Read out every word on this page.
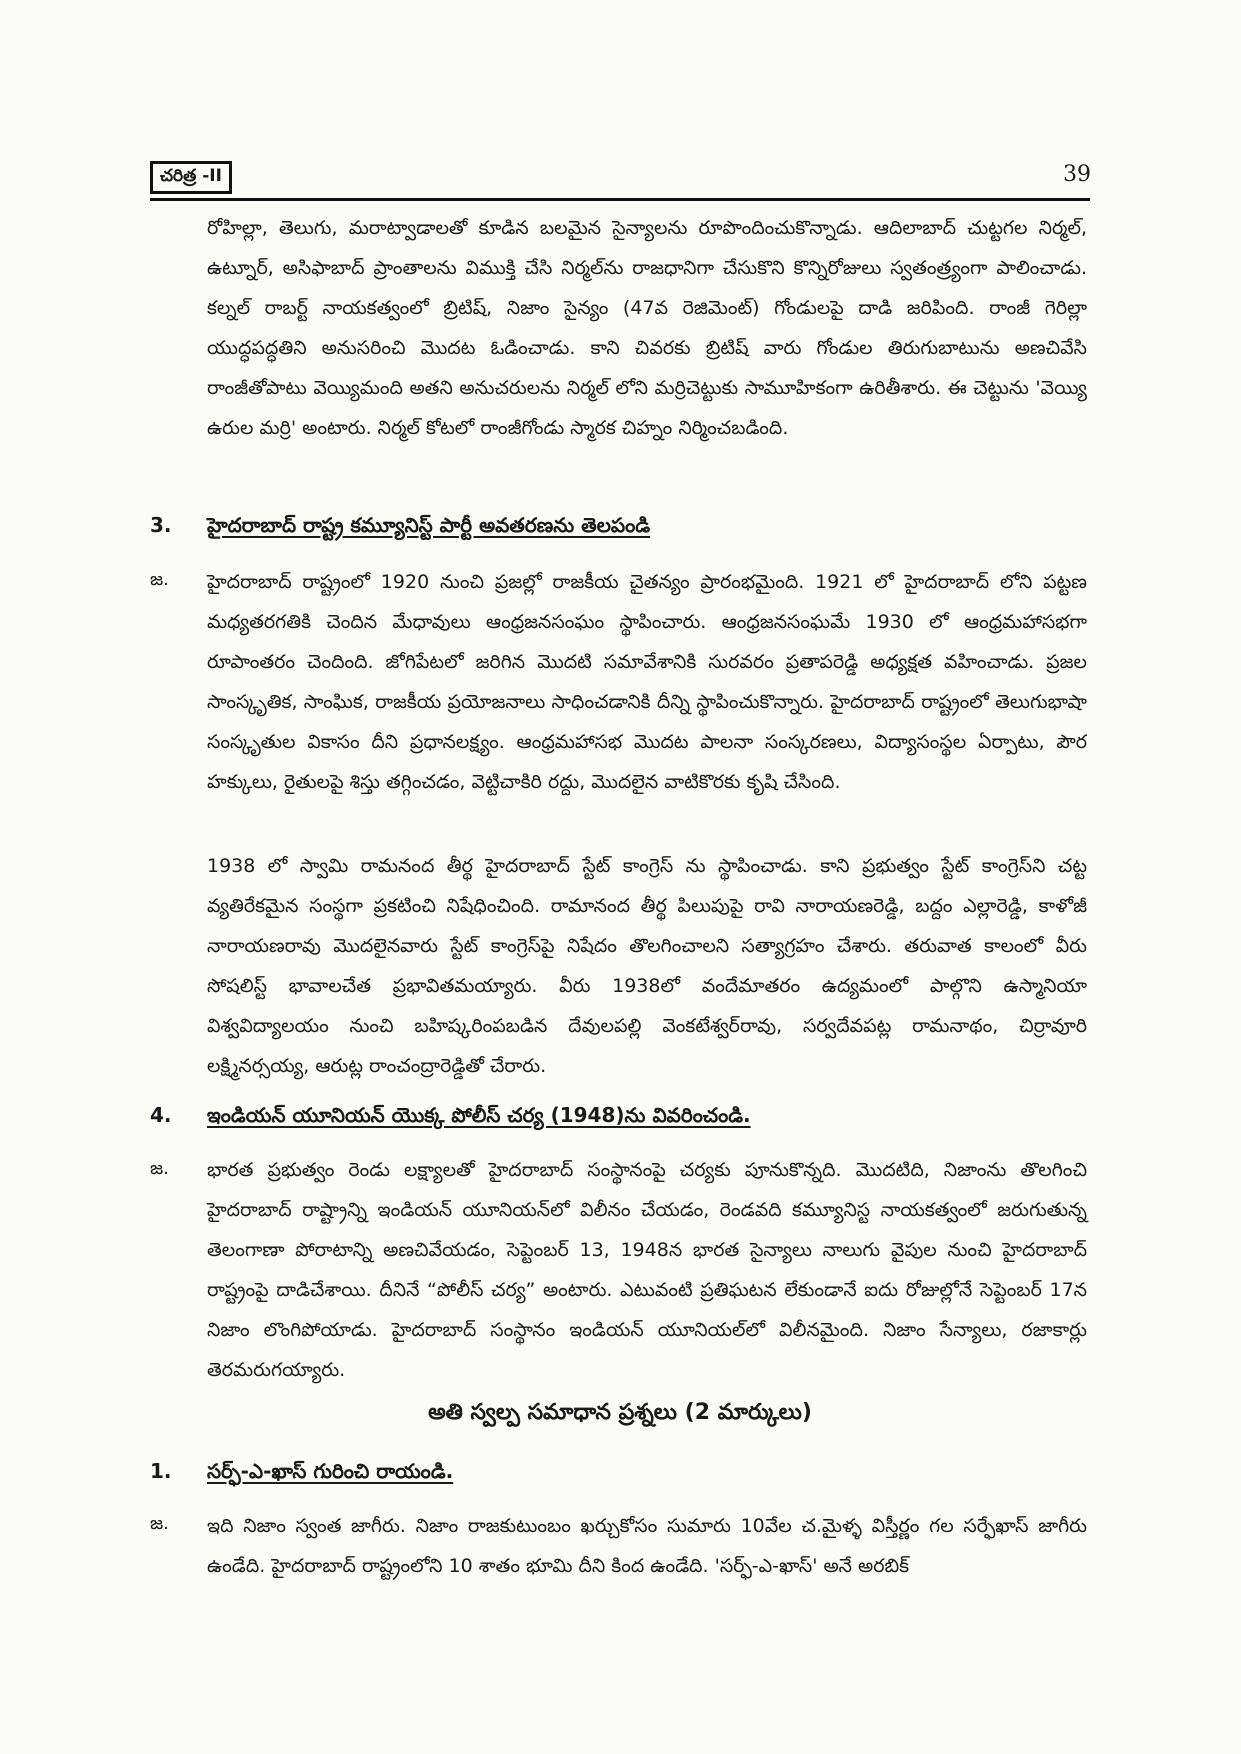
చరిత్ర -II	39
రోహిల్లా, తెలుగు, మరాట్వాడాలతో కూడిన బలమైన సైన్యాలను రూపొందించుకొన్నాడు. ఆదిలాబాద్ చుట్టగల నిర్మల్, ఉట్నూర్, అసిఫాబాద్ ప్రాంతాలను విముక్తి చేసి నిర్మల్‌ను రాజధానిగా చేసుకొని కొన్నిరోజులు స్వతంత్ర్యంగా పాలించాడు. కల్నల్ రాబర్ట్ నాయకత్వంలో బ్రిటిష్, నిజాం సైన్యం (47వ రెజిమెంట్) గోండులపై దాడి జరిపింది. రాంజీ గెరిల్లా యుద్ధపద్ధతిని అనుసరించి మొదట ఓడించాడు. కాని చివరకు బ్రిటిష్ వారు గోండుల తిరుగుబాటును అణచివేసి రాంజీతోపాటు వెయ్యిమంది అతని అనుచరులను నిర్మల్ లోని మర్రిచెట్టుకు సామూహికంగా ఉరితీశారు. ఈ చెట్టును 'వెయ్యి ఉరుల మర్రి' అంటారు. నిర్మల్ కోటలో రాంజీగోండు స్మారక చిహ్నం నిర్మించబడింది.
3. హైదరాబాద్ రాష్ట్ర కమ్యూనిస్ట్ పార్టీ అవతరణను తెలపండి
జ. హైదరాబాద్ రాష్ట్రంలో 1920 నుంచి ప్రజల్లో రాజకీయ చైతన్యం ప్రారంభమైంది. 1921 లో హైదరాబాద్ లోని పట్టణ మధ్యతరగతికి చెందిన మేధావులు ఆంధ్రజనసంఘం స్థాపించారు. ఆంధ్రజనసంఘమే 1930 లో ఆంధ్రమహాసభగా రూపాంతరం చెందింది. జోగిపేటలో జరిగిన మొదటి సమావేశానికి సురవరం ప్రతాపరెడ్డి అధ్యక్షత వహించాడు. ప్రజల సాంస్కృతిక, సాంఘిక, రాజకీయ ప్రయోజనాలు సాధించడానికి దీన్ని స్థాపించుకొన్నారు. హైదరాబాద్ రాష్ట్రంలో తెలుగుభాషా సంస్కృతుల వికాసం దీని ప్రధానలక్ష్యం. ఆంధ్రమహాసభ మొదట పాలనా సంస్కరణలు, విద్యాసంస్థల ఏర్పాటు, పౌర హక్కులు, రైతులపై శిస్తు తగ్గించడం, వెట్టిచాకిరి రద్దు, మొదలైన వాటికొరకు కృషి చేసింది.
1938 లో స్వామి రామనంద తీర్థ హైదరాబాద్ స్టేట్ కాంగ్రెస్ ను స్థాపించాడు. కాని ప్రభుత్వం స్టేట్ కాంగ్రెస్‌ని చట్ట వ్యతిరేకమైన సంస్థగా ప్రకటించి నిషేధించింది. రామానంద తీర్థ పిలుపుపై రావి నారాయణరెడ్డి, బద్దం ఎల్లారెడ్డి, కాళోజీ నారాయణరావు మొదలైనవారు స్టేట్ కాంగ్రెస్‌పై నిషేదం తొలగించాలని సత్యాగ్రహం చేశారు. తరువాత కాలంలో వీరు సోషలిస్ట్ భావాలచేత ప్రభావితమయ్యారు. వీరు 1938లో వందేమాతరం ఉద్యమంలో పాల్గొని ఉస్మానియా విశ్వవిద్యాలయం నుంచి బహిష్కరింపబడిన దేవులపల్లి వెంకటేశ్వర్‌రావు, సర్వదేవపట్ల రామనాథం, చిర్రావూరి లక్ష్మినర్సయ్య, ఆరుట్ల రాంచంద్రారెడ్డితో చేరారు.
4. ఇండియన్ యూనియన్ యొక్క పోలీస్ చర్య (1948)ను వివరించండి.
జ. భారత ప్రభుత్వం రెండు లక్ష్యాలతో హైదరాబాద్ సంస్థానంపై చర్యకు పూనుకొన్నది. మొదటిది, నిజాంను తొలగించి హైదరాబాద్ రాష్ట్రాన్ని ఇండియన్ యూనియన్‌లో విలీనం చేయడం, రెండవది కమ్యూనిస్ట నాయకత్వంలో జరుగుతున్న తెలంగాణా పోరాటాన్ని అణచివేయడం, సెప్టెంబర్ 13, 1948న భారత సైన్యాలు నాలుగు వైపుల నుంచి హైదరాబాద్ రాష్ట్రంపై దాడిచేశాయి. దీనినే “పోలీస్ చర్య” అంటారు. ఎటువంటి ప్రతిఘటన లేకుండానే ఐదు రోజుల్లోనే సెప్టెంబర్ 17న నిజాం లొంగిపోయాడు. హైదరాబాద్ సంస్థానం ఇండియన్ యూనియల్‌లో విలీనమైంది. నిజాం సేన్యాలు, రజాకార్లు తెరమరుగయ్యారు.
అతి స్వల్ప సమాధాన ప్రశ్నలు (2 మార్కులు)
1. సర్ఫ్-ఎ-ఖాస్ గురించి రాయండి.
జ. ఇది నిజాం స్వంత జాగీరు. నిజాం రాజకుటుంబం ఖర్చుకోసం సుమారు 10వేల చ.మైళ్ళ విస్తీర్ణం గల సర్ఫేఖాస్ జాగీరు ఉండేది. హైదరాబాద్ రాష్ట్రంలోని 10 శాతం భూమి దీని కింద ఉండేది. 'సర్ఫ్-ఎ-ఖాస్' అనే అరబిక్
